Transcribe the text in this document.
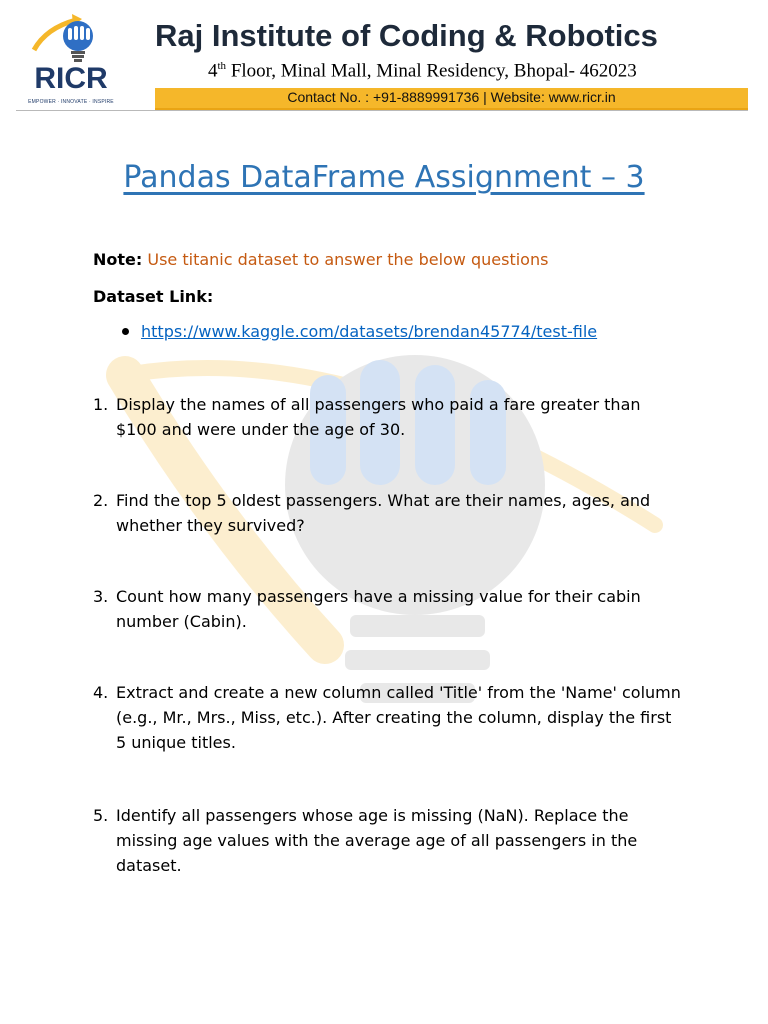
RICR
EMPOWER · INNOVATE · INSPIRE
Raj Institute of Coding & Robotics
4th Floor, Minal Mall, Minal Residency, Bhopal- 462023
Contact No. : +91-8889991736 | Website: www.ricr.in
Pandas DataFrame Assignment – 3
Note: Use titanic dataset to answer the below questions
Dataset Link:
https://www.kaggle.com/datasets/brendan45774/test-file
1. Display the names of all passengers who paid a fare greater than $100 and were under the age of 30.
2. Find the top 5 oldest passengers. What are their names, ages, and whether they survived?
3. Count how many passengers have a missing value for their cabin number (Cabin).
4. Extract and create a new column called 'Title' from the 'Name' column (e.g., Mr., Mrs., Miss, etc.). After creating the column, display the first 5 unique titles.
5. Identify all passengers whose age is missing (NaN). Replace the missing age values with the average age of all passengers in the dataset.
